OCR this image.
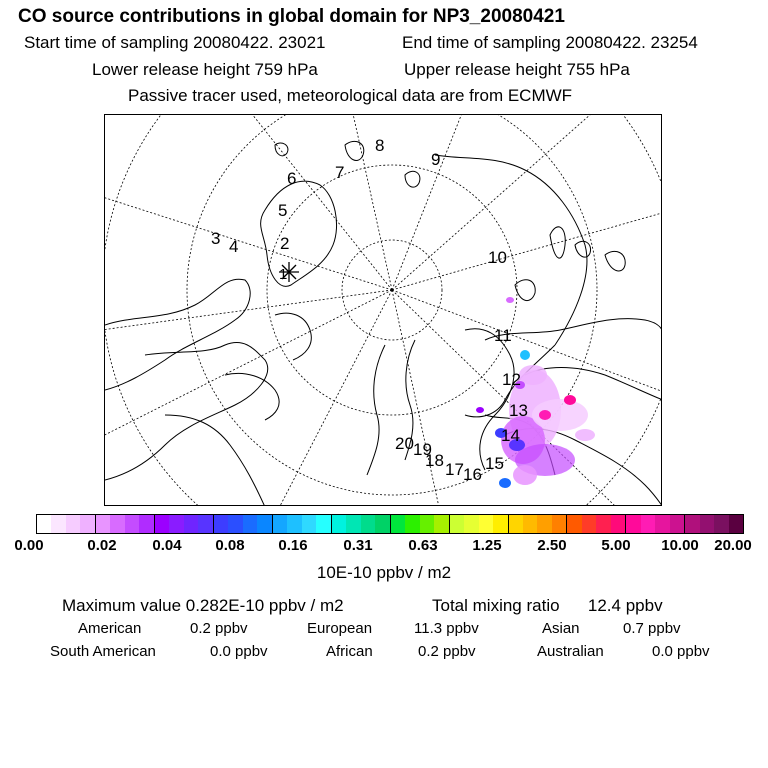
CO source contributions in global domain for NP3_20080421
Start time of sampling 20080422. 23021	End time of sampling 20080422. 23254
Lower release height 759 hPa	Upper release height 755 hPa
Passive tracer used, meteorological data are from ECMWF
1
2
3 4
5
6 7
8
9
10
11
12
13
14
15
16
17
18
19
20
0.00	0.02 0.04 0.08 0.16 0.31 0.63 1.25 2.50 5.00 10.00 20.00
10E-10 ppbv / m2
Maximum value 0.282E-10 ppbv / m2	Total mixing ratio      12.4 ppbv
American	0.2 ppbv	European	11.3 ppbv	Asian	0.7 ppbv
South American	0.0 ppbv	African	0.2 ppbv	Australian	0.0 ppbv
